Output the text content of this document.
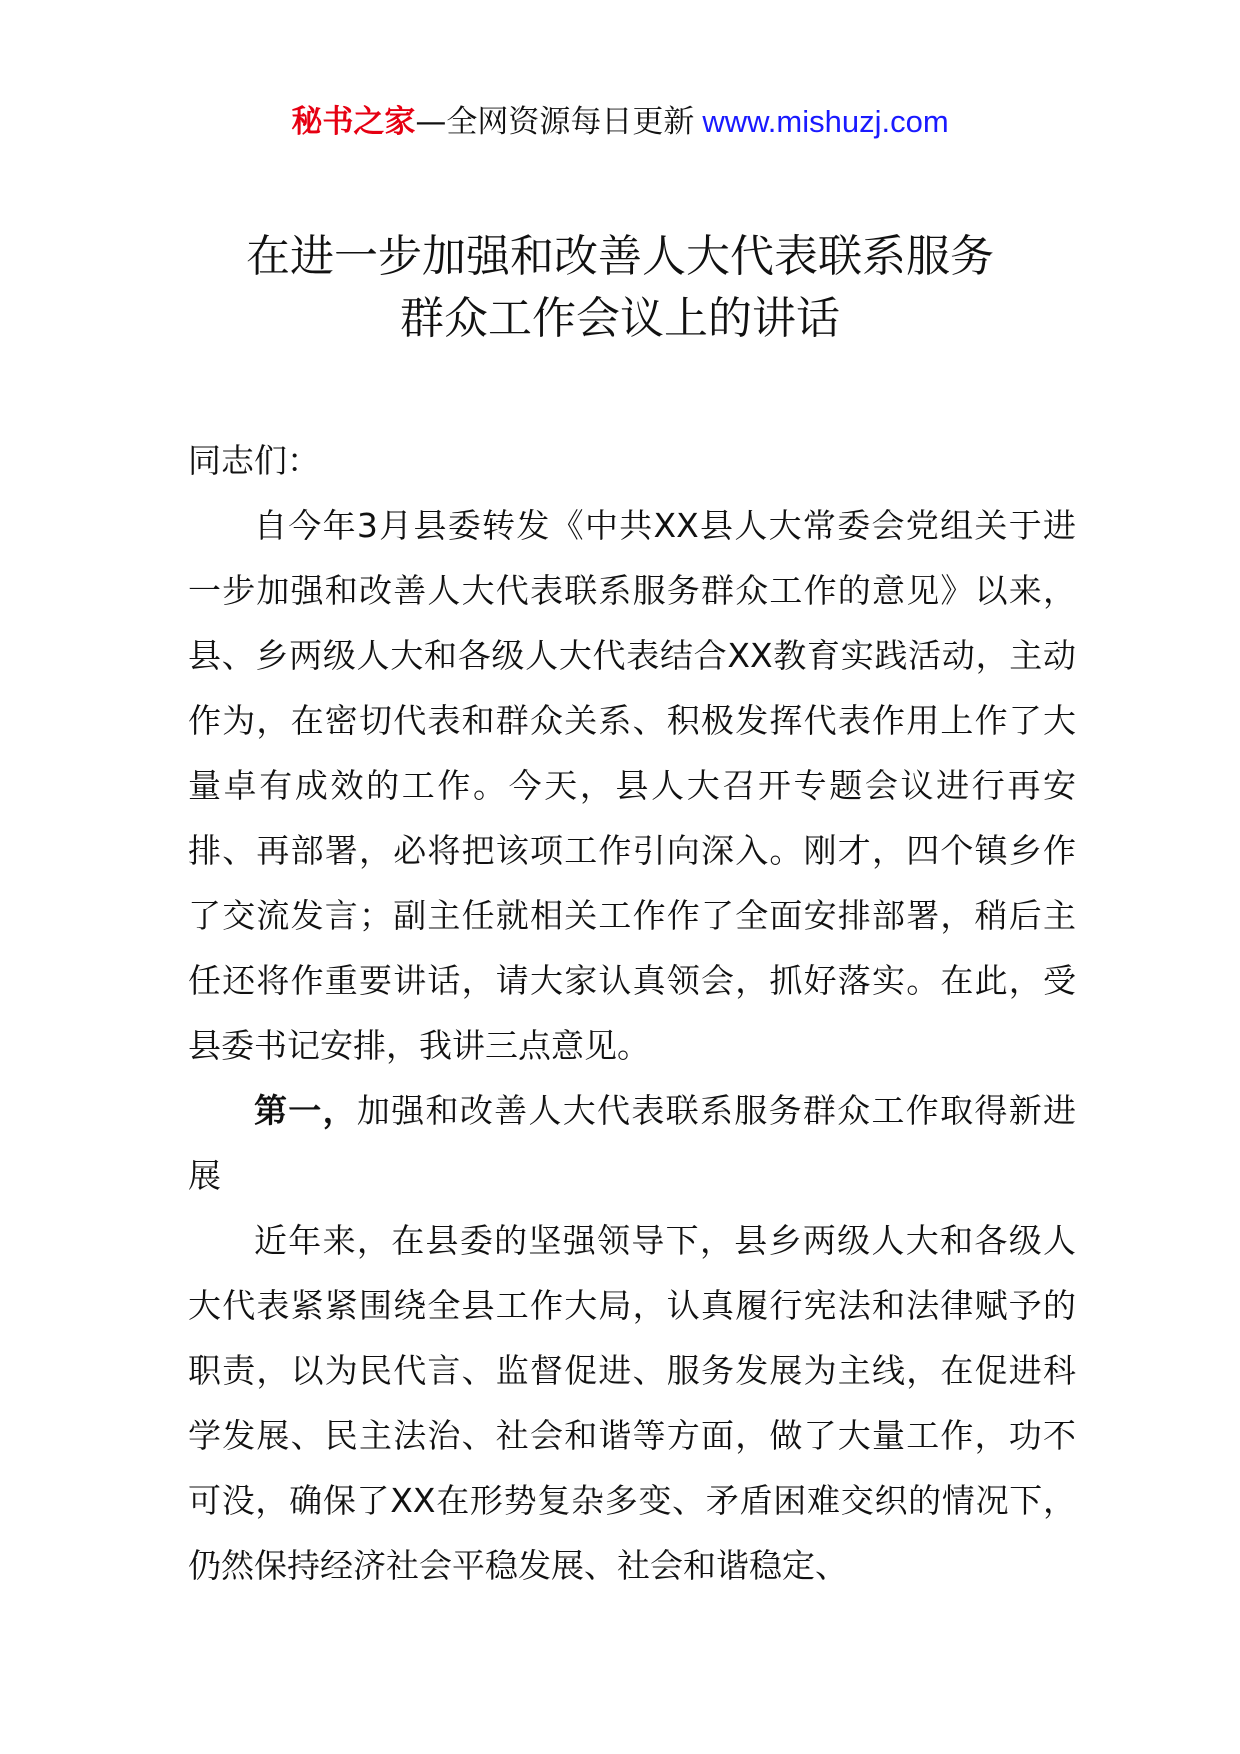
秘书之家—全网资源每日更新 www.mishuzj.com
在进一步加强和改善人大代表联系服务
群众工作会议上的讲话

同志们：

自今年3月县委转发《中共XX县人大常委会党组关于进一步加强和改善人大代表联系服务群众工作的意见》以来，县、乡两级人大和各级人大代表结合XX教育实践活动，主动作为，在密切代表和群众关系、积极发挥代表作用上作了大量卓有成效的工作。今天，县人大召开专题会议进行再安排、再部署，必将把该项工作引向深入。刚才，四个镇乡作了交流发言；副主任就相关工作作了全面安排部署，稍后主任还将作重要讲话，请大家认真领会，抓好落实。在此，受县委书记安排，我讲三点意见。

第一，加强和改善人大代表联系服务群众工作取得新进展

近年来，在县委的坚强领导下，县乡两级人大和各级人大代表紧紧围绕全县工作大局，认真履行宪法和法律赋予的职责，以为民代言、监督促进、服务发展为主线，在促进科学发展、民主法治、社会和谐等方面，做了大量工作，功不可没，确保了XX在形势复杂多变、矛盾困难交织的情况下，仍然保持经济社会平稳发展、社会和谐稳定、
